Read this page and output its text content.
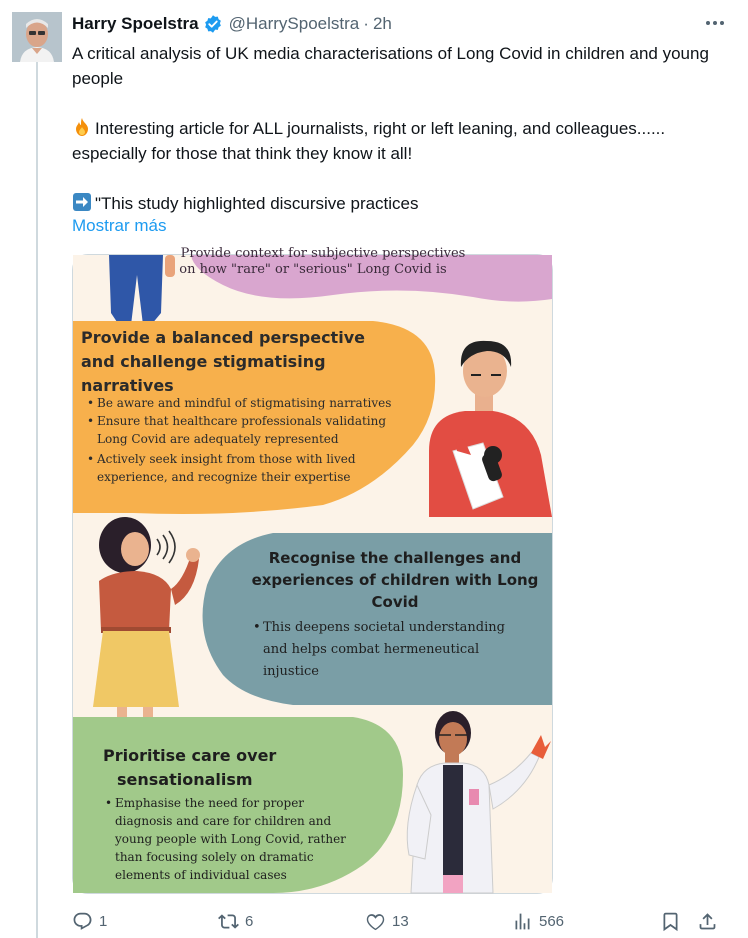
Harry Spoelstra @HarrySpoelstra · 2h

A critical analysis of UK media characterisations of Long Covid in children and young people

Interesting article for ALL journalists, right or left leaning, and colleagues...... especially for those that think they know it all!

"This study highlighted discursive practices

Mostrar más
Provide context for subjective perspectives
on how "rare" or "serious" Long Covid is
Provide a balanced perspective
and challenge stigmatising
narratives
• Be aware and mindful of stigmatising narratives
• Ensure that healthcare professionals validating
Long Covid are adequately represented
• Actively seek insight from those with lived
experience, and recognize their expertise
Recognise the challenges and
experiences of children with Long
Covid
• This deepens societal understanding
and helps combat hermeneutical
injustice
Prioritise care over
sensationalism
• Emphasise the need for proper
diagnosis and care for children and
young people with Long Covid, rather
than focusing solely on dramatic
elements of individual cases
1	6	13	566
